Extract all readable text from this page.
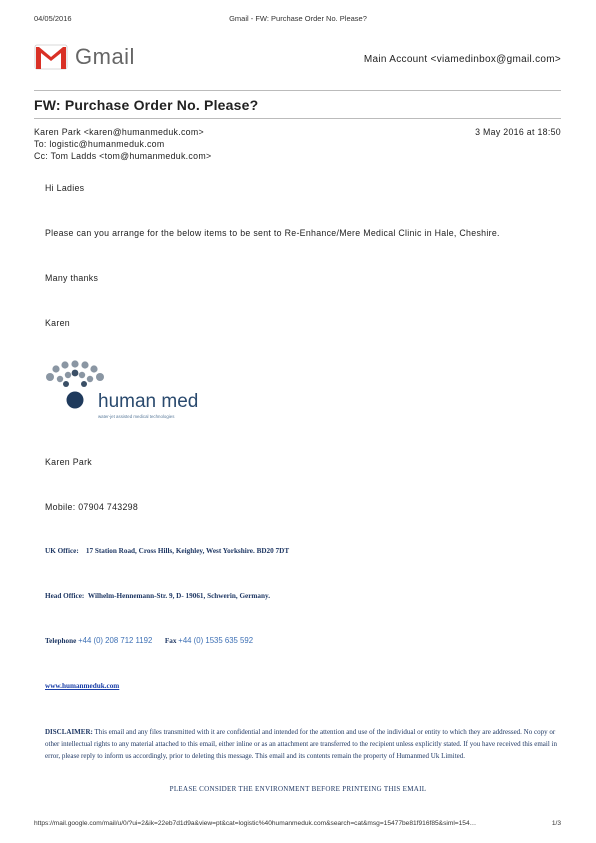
04/05/2016	Gmail - FW: Purchase Order No. Please?
Gmail	Main Account <viamedinbox@gmail.com>
FW: Purchase Order No. Please?
Karen Park <karen@humanmeduk.com>	3 May 2016 at 18:50
To: logistic@humanmeduk.com
Cc: Tom Ladds <tom@humanmeduk.com>
Hi Ladies
Please can you arrange for the below items to be sent to Re-Enhance/Mere Medical Clinic in Hale, Cheshire.
Many thanks
Karen
human med
water-jet assisted medical technologies
Karen Park
Mobile: 07904 743298
UK Office: 17 Station Road, Cross Hills, Keighley, West Yorkshire. BD20 7DT
Head Office: Wilhelm-Hennemann-Str. 9, D- 19061, Schwerin, Germany.
Telephone +44 (0) 208 712 1192 Fax +44 (0) 1535 635 592
www.humanmeduk.com
DISCLAIMER: This email and any files transmitted with it are confidential and intended for the attention and use of the individual or entity to which they are addressed. No copy or other intellectual rights to any material attached to this email, either inline or as an attachment are transferred to the recipient unless explicitly stated. If you have received this email in error, please reply to inform us accordingly, prior to deleting this message. This email and its contents remain the property of Humanmed Uk Limited.
PLEASE CONSIDER THE ENVIRONMENT BEFORE PRINTEING THIS EMAIL
https://mail.google.com/mail/u/0/?ui=2&ik=22eb7d1d9a&view=pt&cat=logistic%40humanmeduk.com&search=cat&msg=15477be81f916f85&siml=154…	1/3
